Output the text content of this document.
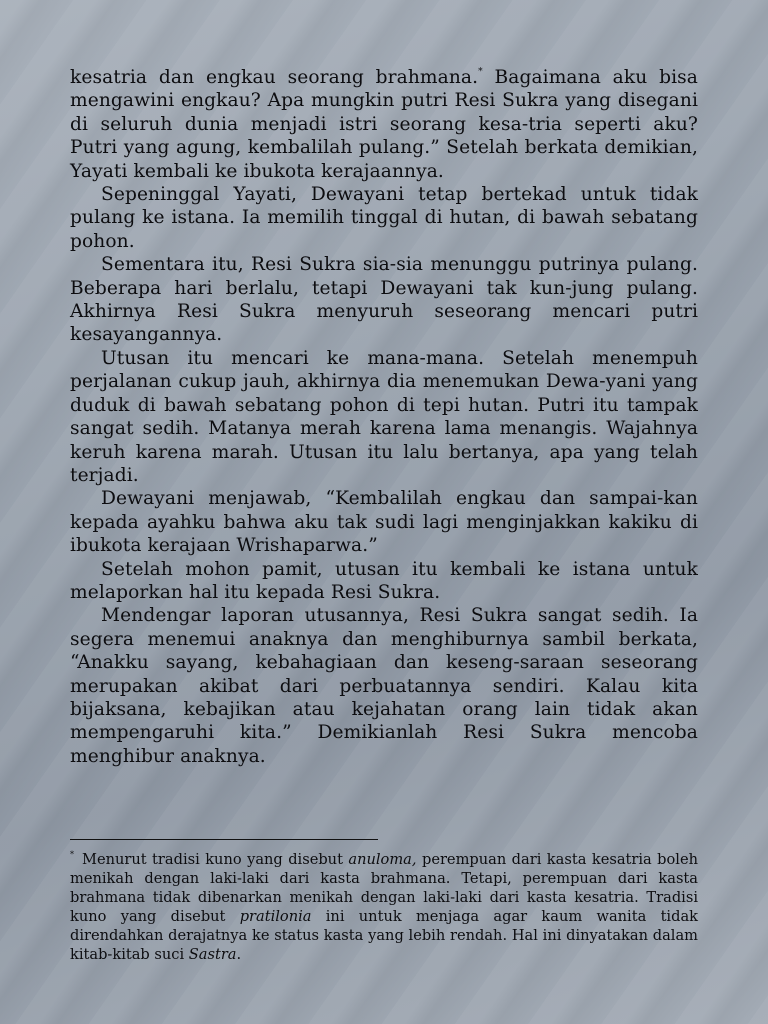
kesatria dan engkau seorang brahmana.* Bagaimana aku bisa mengawini engkau? Apa mungkin putri Resi Sukra yang disegani di seluruh dunia menjadi istri seorang kesa-tria seperti aku? Putri yang agung, kembalilah pulang.” Setelah berkata demikian, Yayati kembali ke ibukota kerajaannya.

Sepeninggal Yayati, Dewayani tetap bertekad untuk tidak pulang ke istana. Ia memilih tinggal di hutan, di bawah sebatang pohon.

Sementara itu, Resi Sukra sia-sia menunggu putrinya pulang. Beberapa hari berlalu, tetapi Dewayani tak kun-jung pulang. Akhirnya Resi Sukra menyuruh seseorang mencari putri kesayangannya.

Utusan itu mencari ke mana-mana. Setelah menempuh perjalanan cukup jauh, akhirnya dia menemukan Dewa-yani yang duduk di bawah sebatang pohon di tepi hutan. Putri itu tampak sangat sedih. Matanya merah karena lama menangis. Wajahnya keruh karena marah. Utusan itu lalu bertanya, apa yang telah terjadi.

Dewayani menjawab, “Kembalilah engkau dan sampai-kan kepada ayahku bahwa aku tak sudi lagi menginjakkan kakiku di ibukota kerajaan Wrishaparwa.”

Setelah mohon pamit, utusan itu kembali ke istana untuk melaporkan hal itu kepada Resi Sukra.

Mendengar laporan utusannya, Resi Sukra sangat sedih. Ia segera menemui anaknya dan menghiburnya sambil berkata, “Anakku sayang, kebahagiaan dan keseng-saraan seseorang merupakan akibat dari perbuatannya sendiri. Kalau kita bijaksana, kebajikan atau kejahatan orang lain tidak akan mempengaruhi kita.” Demikianlah Resi Sukra mencoba menghibur anaknya.

* Menurut tradisi kuno yang disebut anuloma, perempuan dari kasta kesatria boleh menikah dengan laki-laki dari kasta brahmana. Tetapi, perempuan dari kasta brahmana tidak dibenarkan menikah dengan laki-laki dari kasta kesatria. Tradisi kuno yang disebut pratilonia ini untuk menjaga agar kaum wanita tidak direndahkan derajatnya ke status kasta yang lebih rendah. Hal ini dinyatakan dalam kitab-kitab suci Sastra.
